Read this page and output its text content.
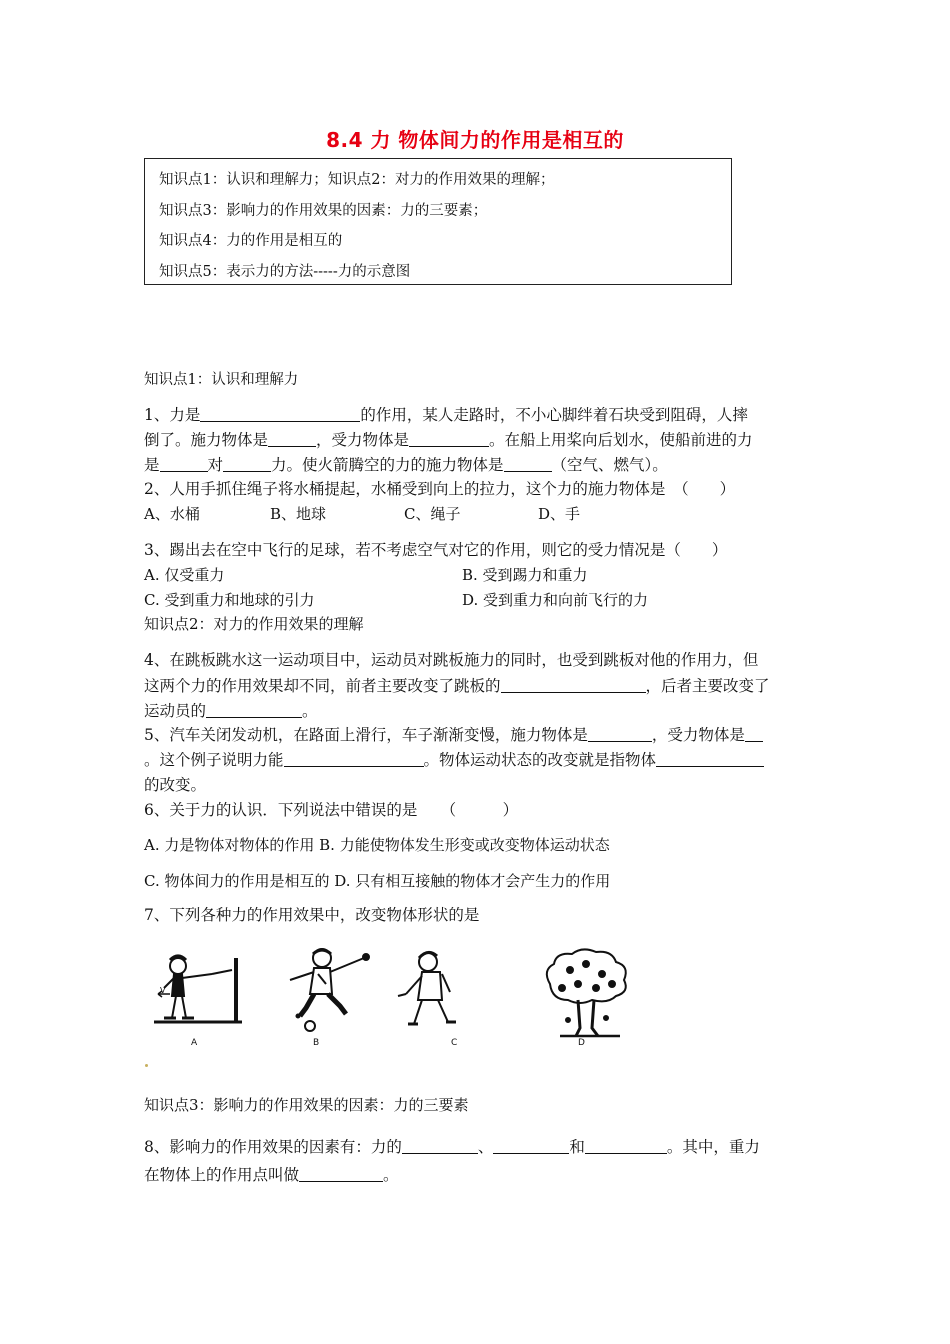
8.4 力 物体间力的作用是相互的
知识点1：认识和理解力；知识点2：对力的作用效果的理解；
知识点3：影响力的作用效果的因素：力的三要素；
知识点4：力的作用是相互的
知识点5：表示力的方法-----力的示意图
知识点1：认识和理解力
1、力是	的作用，某人走路时，不小心脚绊着石块受到阻碍，人摔
倒了。施力物体是	，受力物体是	。在船上用桨向后划水，使船前进的力
是	对	力。使火箭腾空的力的施力物体是	（空气、燃气）。
2、人用手抓住绳子将水桶提起，水桶受到向上的拉力，这个力的施力物体是　（　　）
A、水桶	B、地球	C、绳子	D、手
3、踢出去在空中飞行的足球，若不考虑空气对它的作用，则它的受力情况是（　　）
A. 仅受重力	B. 受到踢力和重力
C. 受到重力和地球的引力	D. 受到重力和向前飞行的力
知识点2：对力的作用效果的理解
4、在跳板跳水这一运动项目中，运动员对跳板施力的同时，也受到跳板对他的作用力，但
这两个力的作用效果却不同，前者主要改变了跳板的	，后者主要改变了
运动员的	。
5、汽车关闭发动机，在路面上滑行，车子渐渐变慢，施力物体是	，受力物体是
。这个例子说明力能	。物体运动状态的改变就是指物体
的改变。
6、关于力的认识．下列说法中错误的是　　（　　　）
A. 力是物体对物体的作用 B. 力能使物体发生形变或改变物体运动状态
C. 物体间力的作用是相互的 D. 只有相互接触的物体才会产生力的作用
7、下列各种力的作用效果中，改变物体形状的是
A	B	C	D
V
知识点3：影响力的作用效果的因素：力的三要素
8、影响力的作用效果的因素有：力的	、	和	。其中，重力
在物体上的作用点叫做	。
